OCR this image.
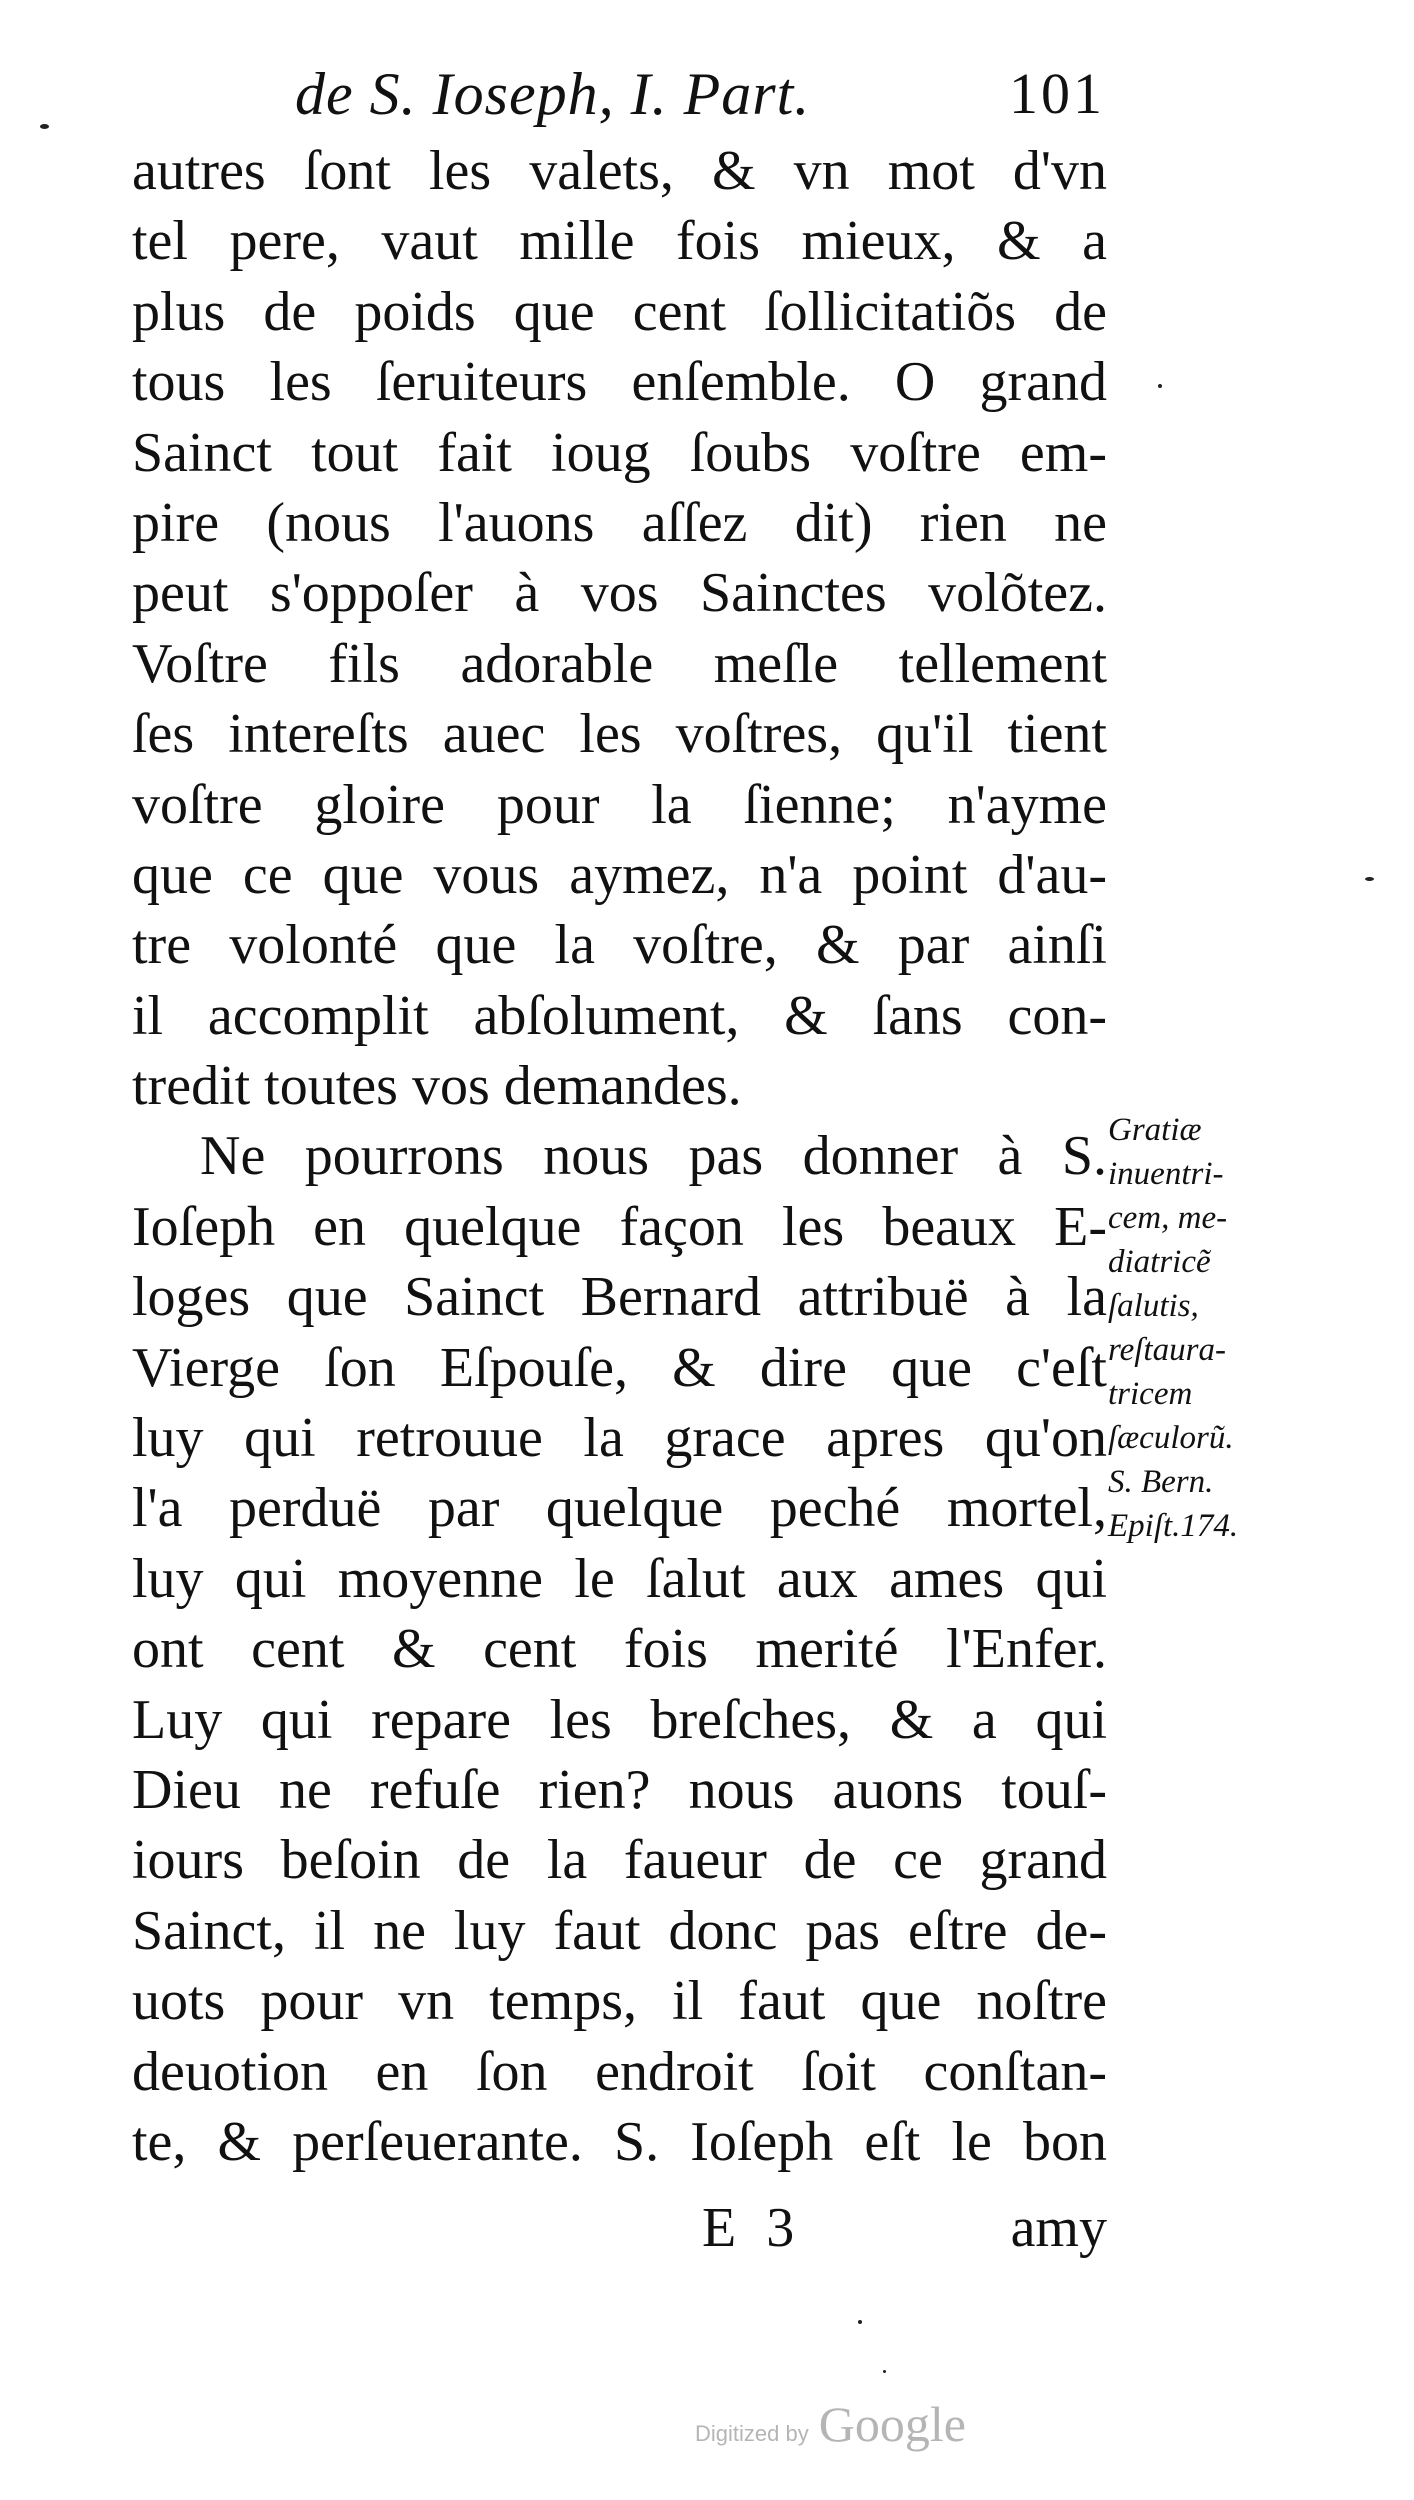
de S. Ioseph, I. Part.	101
autres ſont les valets, & vn mot d'vn
tel pere, vaut mille fois mieux, & a
plus de poids que cent ſollicitatiõs de
tous les ſeruiteurs enſemble. O grand
Sainct tout fait ioug ſoubs voſtre em-
pire (nous l'auons aſſez dit) rien ne
peut s'oppoſer à vos Sainctes volõtez.
Voſtre fils adorable meſle tellement
ſes intereſts auec les voſtres, qu'il tient
voſtre gloire pour la ſienne; n'ayme
que ce que vous aymez, n'a point d'au-
tre volonté que la voſtre, & par ainſi
il accomplit abſolument, & ſans con-
tredit toutes vos demandes.
Ne pourrons nous pas donner à S.
Ioſeph en quelque façon les beaux E-
loges que Sainct Bernard attribuë à la
Vierge ſon Eſpouſe, & dire que c'eſt
luy qui retrouue la grace apres qu'on
l'a perduë par quelque peché mortel,
luy qui moyenne le ſalut aux ames qui
ont cent & cent fois merité l'Enfer.
Luy qui repare les breſches, & a qui
Dieu ne refuſe rien? nous auons touſ-
iours beſoin de la faueur de ce grand
Sainct, il ne luy faut donc pas eſtre de-
uots pour vn temps, il faut que noſtre
deuotion en ſon endroit ſoit conſtan-
te, & perſeuerante. S. Ioſeph eſt le bon
Gratiæ
inuentri-
cem, me-
diatricẽ
ſalutis,
reſtaura-
tricem
ſæculorũ.
S. Bern.
Epiſt.174.
E 3	amy
Digitized by Google
